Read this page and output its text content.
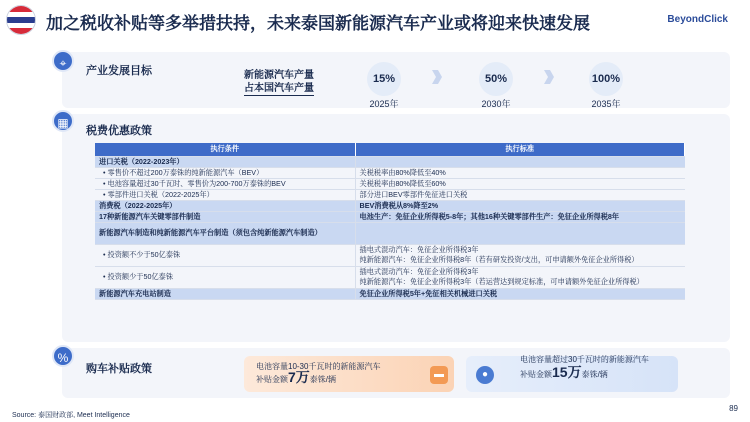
加之税收补贴等多举措扶持，未来泰国新能源汽车产业或将迎来快速发展	BeyondClick
⌖
产业发展目标	新能源汽车产量
占本国汽车产量
15%
2025年
50%
2030年
100%
2035年
▦
税费优惠政策
执行条件	执行标准
进口关税（2022-2023年）	
• 零售价不超过200万泰铢的纯新能源汽车（BEV）	关税税率由80%降低至40%
• 电池容量超过30千瓦时、零售价为200-700万泰铢的BEV	关税税率由80%降低至60%
• 零部件进口关税（2022-2025年）	部分进口BEV零部件免征进口关税
消费税（2022-2025年）	BEV消费税从8%降至2%
17种新能源汽车关键零部件制造	电池生产：免征企业所得税5-8年；其他16种关键零部件生产：免征企业所得税8年
新能源汽车制造和纯新能源汽车平台制造（须包含纯新能源汽车制造）	
• 投资额不少于50亿泰铢	插电式混动汽车：免征企业所得税3年
纯新能源汽车：免征企业所得税8年（若有研发投资/支出，可申请额外免征企业所得税）

• 投资额少于50亿泰铢	插电式混动汽车：免征企业所得税3年
纯新能源汽车：免征企业所得税3年（若运营达到规定标准，可申请额外免征企业所得税）

新能源汽车充电站制造	免征企业所得税5年+免征相关机械进口关税
%
购车补贴政策	电池容量10-30千瓦时的新能源汽车
补贴金额7万泰铢/辆	▬	●
电池容量超过30千瓦时的新能源汽车
补贴金额15万泰铢/辆
Source: 泰国财政部, Meet Intelligence
89
